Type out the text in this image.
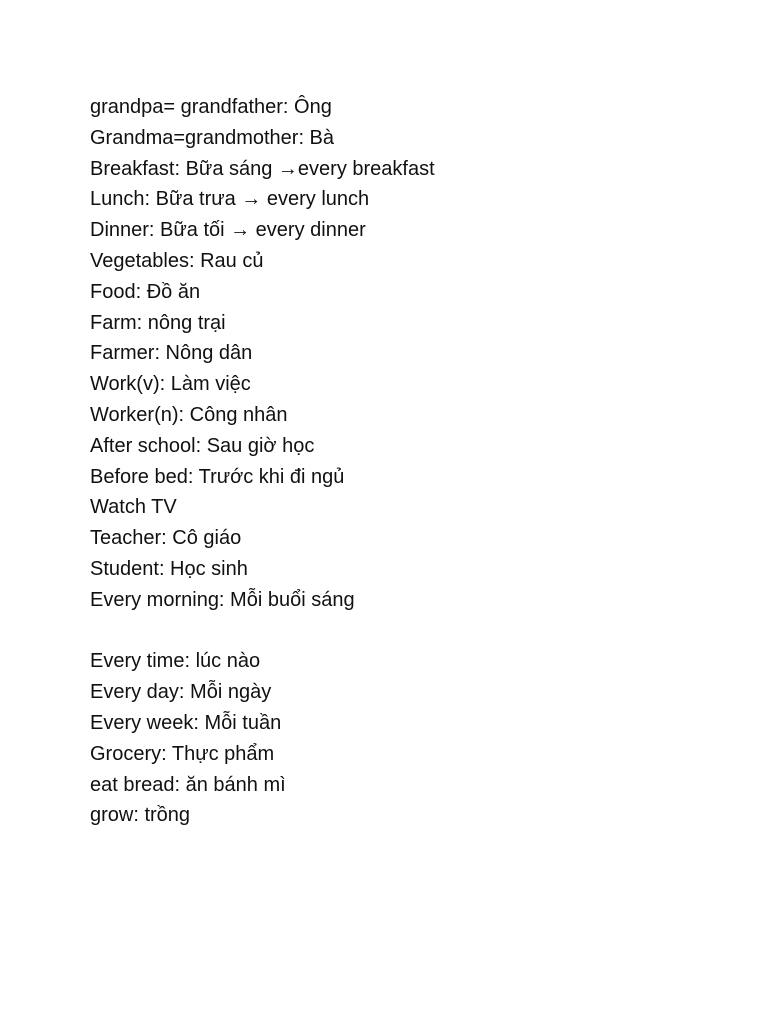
grandpa= grandfather: Ông
Grandma=grandmother: Bà
Breakfast: Bữa sáng →every breakfast
Lunch: Bữa trưa → every lunch
Dinner: Bữa tối → every dinner
Vegetables: Rau củ
Food: Đồ ăn
Farm: nông trại
Farmer: Nông dân
Work(v): Làm việc
Worker(n): Công nhân
After school: Sau giờ học
Before bed: Trước khi đi ngủ
Watch TV
Teacher: Cô giáo
Student: Học sinh
Every morning: Mỗi buổi sáng
Every time: lúc nào
Every day: Mỗi ngày
Every week: Mỗi tuần
Grocery: Thực phẩm
eat bread: ăn bánh mì
grow: trồng
